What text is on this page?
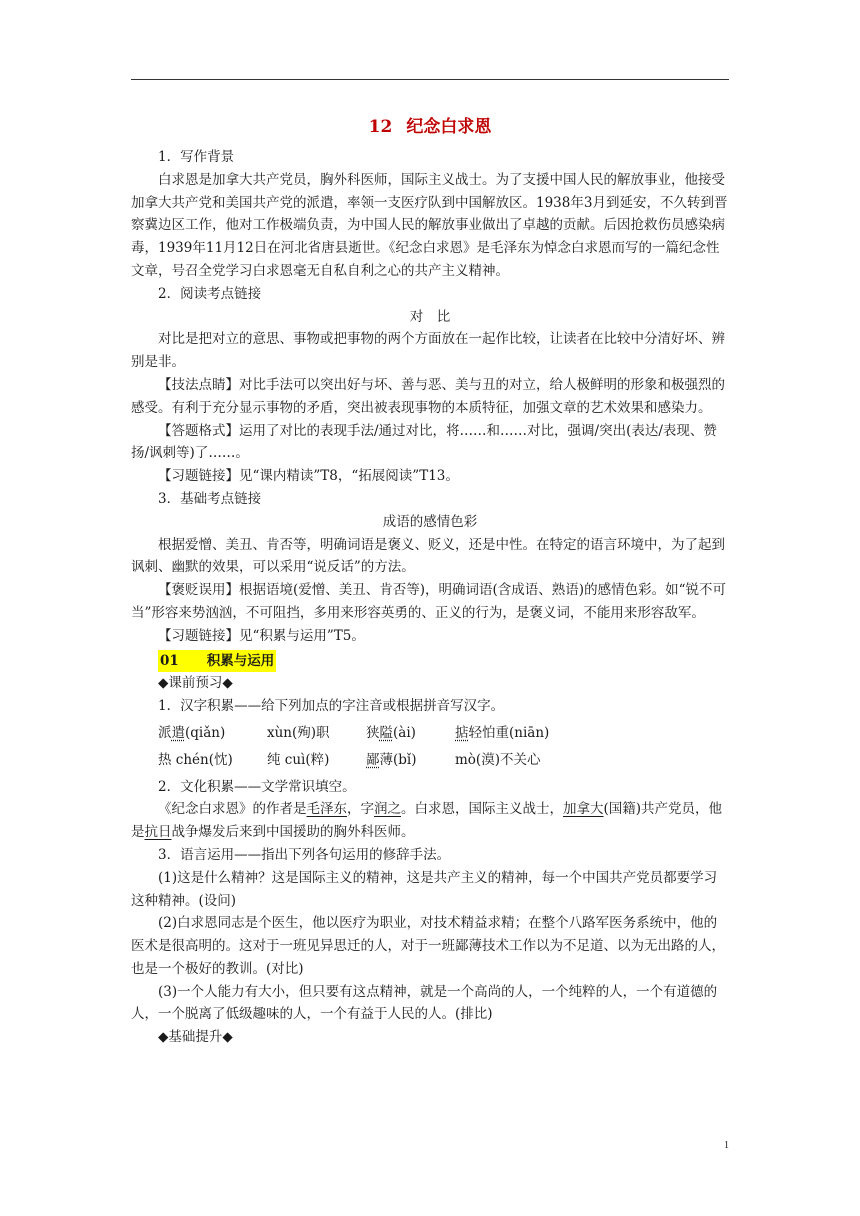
12 纪念白求恩

1．写作背景

白求恩是加拿大共产党员，胸外科医师，国际主义战士。为了支援中国人民的解放事业，他接受加拿大共产党和美国共产党的派遣，率领一支医疗队到中国解放区。1938年3月到延安，不久转到晋察冀边区工作，他对工作极端负责，为中国人民的解放事业做出了卓越的贡献。后因抢救伤员感染病毒，1939年11月12日在河北省唐县逝世。《纪念白求恩》是毛泽东为悼念白求恩而写的一篇纪念性文章，号召全党学习白求恩毫无自私自利之心的共产主义精神。

2．阅读考点链接

对　比

对比是把对立的意思、事物或把事物的两个方面放在一起作比较，让读者在比较中分清好坏、辨别是非。

【技法点睛】对比手法可以突出好与坏、善与恶、美与丑的对立，给人极鲜明的形象和极强烈的感受。有利于充分显示事物的矛盾，突出被表现事物的本质特征，加强文章的艺术效果和感染力。

【答题格式】运用了对比的表现手法/通过对比，将……和……对比，强调/突出(表达/表现、赞扬/讽刺等)了……。

【习题链接】见“课内精读”T8，“拓展阅读”T13。

3．基础考点链接

成语的感情色彩

根据爱憎、美丑、肯否等，明确词语是褒义、贬义，还是中性。在特定的语言环境中，为了起到讽刺、幽默的效果，可以采用“说反话”的方法。

【褒贬误用】根据语境(爱憎、美丑、肯否等)，明确词语(含成语、熟语)的感情色彩。如“锐不可当”形容来势汹汹，不可阻挡，多用来形容英勇的、正义的行为，是褒义词，不能用来形容敌军。

【习题链接】见“积累与运用”T5。

01 积累与运用

◆课前预习◆

1．汉字积累——给下列加点的字注音或根据拼音写汉字。

派遣(qiǎn)	xùn(殉)职	狭隘(ài)	掂轻怕重(niān)
热 chén(忱)	纯 cuì(粹)	鄙薄(bǐ)	mò(漠)不关心

2．文化积累——文学常识填空。

《纪念白求恩》的作者是毛泽东，字润之。白求恩，国际主义战士，加拿大(国籍)共产党员，他是抗日战争爆发后来到中国援助的胸外科医师。

3．语言运用——指出下列各句运用的修辞手法。

(1)这是什么精神？这是国际主义的精神，这是共产主义的精神，每一个中国共产党员都要学习这种精神。(设问)

(2)白求恩同志是个医生，他以医疗为职业，对技术精益求精；在整个八路军医务系统中，他的医术是很高明的。这对于一班见异思迁的人，对于一班鄙薄技术工作以为不足道、以为无出路的人，也是一个极好的教训。(对比)

(3)一个人能力有大小，但只要有这点精神，就是一个高尚的人，一个纯粹的人，一个有道德的人，一个脱离了低级趣味的人，一个有益于人民的人。(排比)

◆基础提升◆

1
